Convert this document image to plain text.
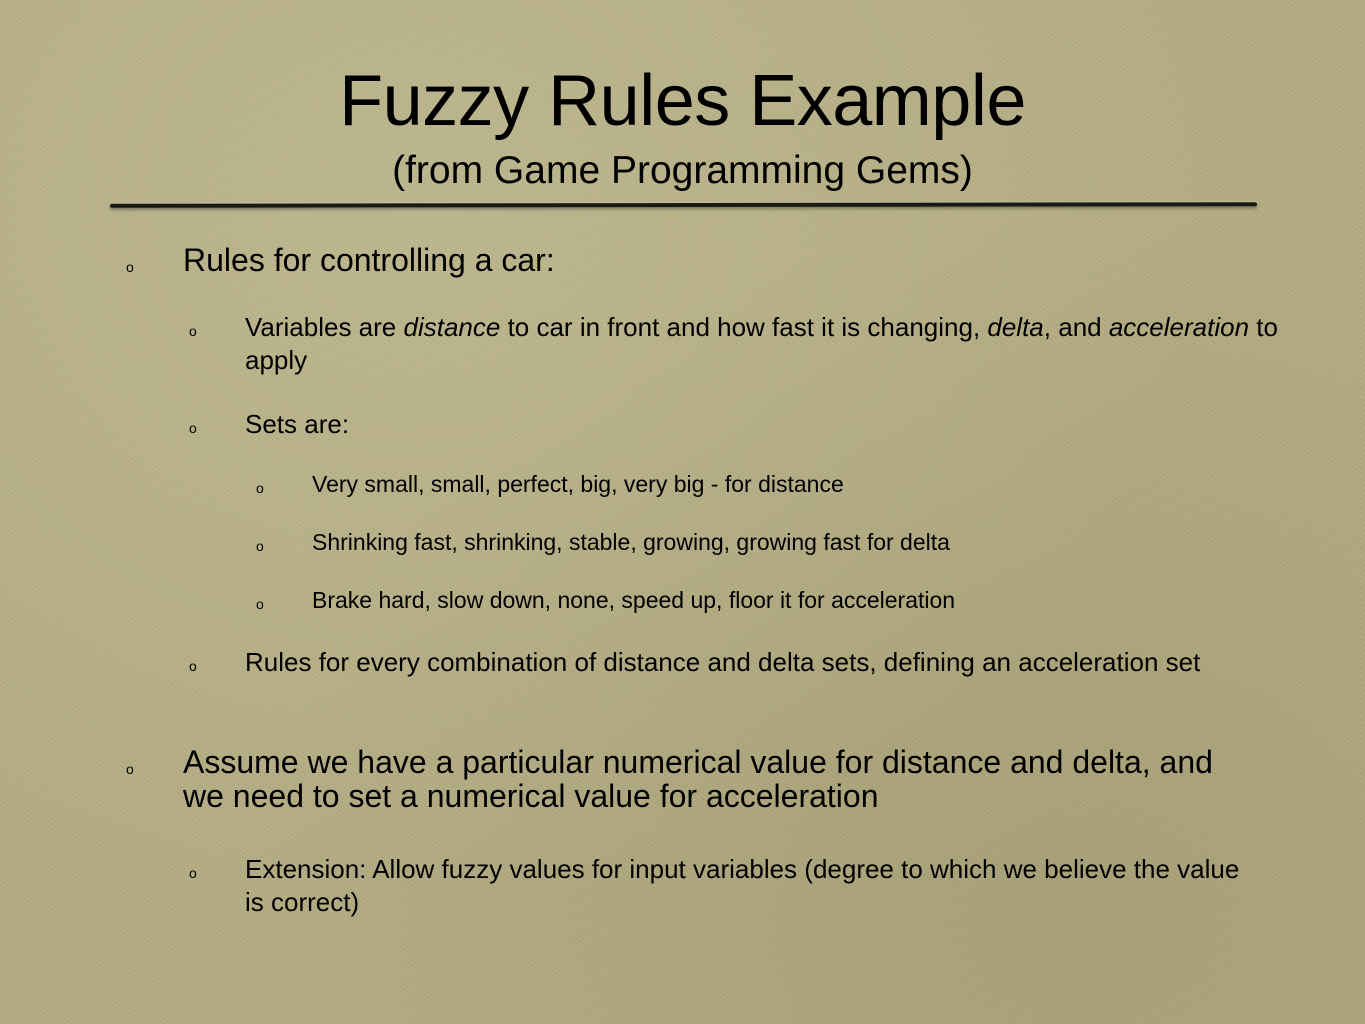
Fuzzy Rules Example
(from Game Programming Gems)
o Rules for controlling a car:
o Variables are distance to car in front and how fast it is changing, delta, and acceleration to apply
o Sets are:
o Very small, small, perfect, big, very big - for distance
o Shrinking fast, shrinking, stable, growing, growing fast for delta
o Brake hard, slow down, none, speed up, floor it for acceleration
o Rules for every combination of distance and delta sets, defining an acceleration set
o Assume we have a particular numerical value for distance and delta, and we need to set a numerical value for acceleration
o Extension: Allow fuzzy values for input variables (degree to which we believe the value is correct)
